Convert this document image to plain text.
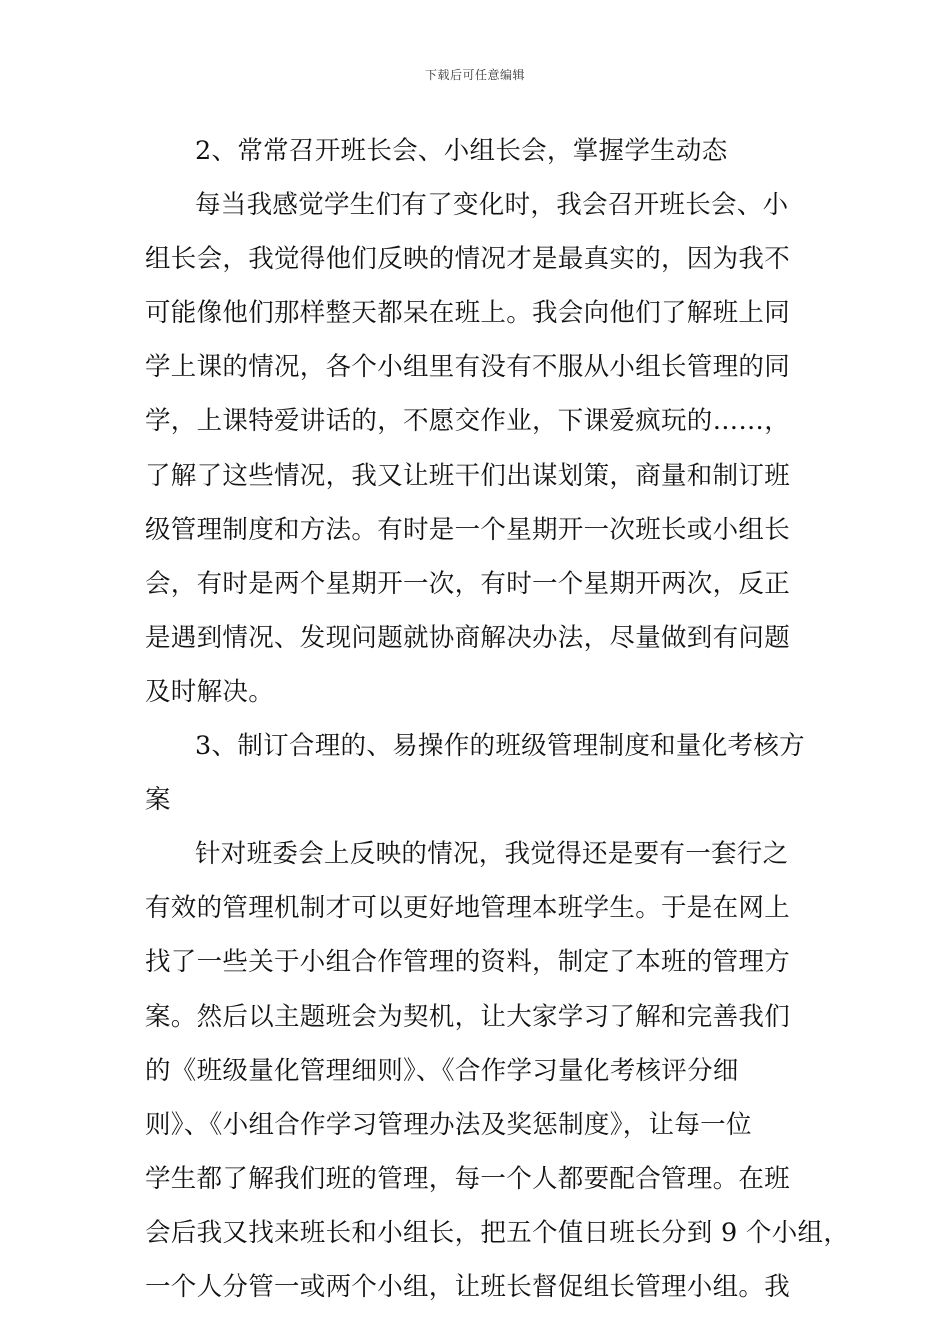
下载后可任意编辑
2、常常召开班长会、小组长会，掌握学生动态
每当我感觉学生们有了变化时，我会召开班长会、小
组长会，我觉得他们反映的情况才是最真实的，因为我不
可能像他们那样整天都呆在班上。我会向他们了解班上同
学上课的情况，各个小组里有没有不服从小组长管理的同
学，上课特爱讲话的，不愿交作业，下课爱疯玩的……，
了解了这些情况，我又让班干们出谋划策，商量和制订班
级管理制度和方法。有时是一个星期开一次班长或小组长
会，有时是两个星期开一次，有时一个星期开两次，反正
是遇到情况、发现问题就协商解决办法，尽量做到有问题
及时解决。
3、制订合理的、易操作的班级管理制度和量化考核方
案
针对班委会上反映的情况，我觉得还是要有一套行之
有效的管理机制才可以更好地管理本班学生。于是在网上
找了一些关于小组合作管理的资料，制定了本班的管理方
案。然后以主题班会为契机，让大家学习了解和完善我们
的《班级量化管理细则》、《合作学习量化考核评分细
则》、《小组合作学习管理办法及奖惩制度》，让每一位
学生都了解我们班的管理，每一个人都要配合管理。在班
会后我又找来班长和小组长，把五个值日班长分到 9 个小组，
一个人分管一或两个小组，让班长督促组长管理小组。我
